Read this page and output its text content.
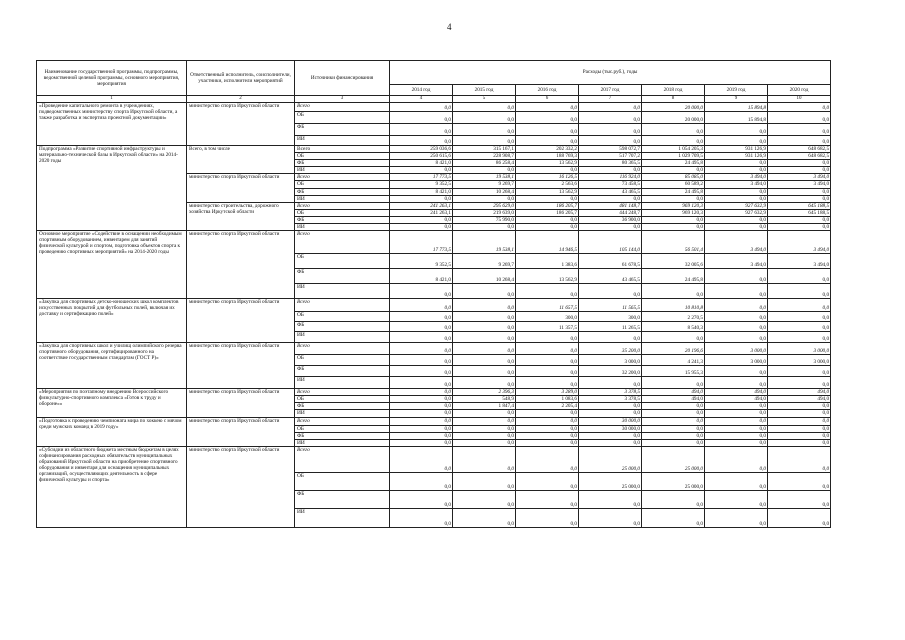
4
Наименование государственной программы, подпрограммы, ведомственной целевой программы, основного мероприятия, мероприятия	Ответственный исполнитель, соисполнители, участники, исполнители мероприятий	Источники финансирования	Расходы (тыс.руб.), годы						
			2014 год	2015 год	2016 год	2017 год	2018 год	2019 год	2020 год
1	2	3	4	5	6	7	8	9	10
«Проведение капитального ремонта в учреждениях, подведомственных министерству спорта Иркутской области, а также разработка и экспертиза проектной документации»	министерство спорта Иркутской области	Всего	0,0	0,0	0,0	0,0	20 000,0	15 894,8	0,0
		ОБ	0,0	0,0	0,0	0,0	20 000,0	15 894,8	0,0
		ФБ	0,0	0,0	0,0	0,0	0,0	0,0	0,0
		ИИ	0,0	0,0	0,0	0,0	0,0	0,0	0,0
Подпрограмма «Развитие спортивной инфраструктуры и материально-технической базы в Иркутской области» на 2014-2020 годы	Всего, в том числе	Всего	259 036,6	315 167,1	202 332,2	598 072,7	1 054 205,3	931 126,9	648 682,5
		ОБ	250 615,6	228 908,7	188 769,3	517 707,2	1 029 709,5	931 126,9	648 682,5
		ФБ	8 421,0	86 258,4	13 562,9	80 365,5	24 495,8	0,0	0,0
		ИИ	0,0	0,0	0,0	0,0	0,0	0,0	0,0
	министерство спорта Иркутской области	Всего	17 773,5	19 538,1	16 126,5	116 924,0	85 085,0	3 494,0	3 494,0
		ОБ	9 352,5	9 269,7	2 563,6	73 458,5	60 589,2	3 494,0	3 494,0
		ФБ	8 421,0	10 268,4	13 562,9	43 465,5	24 495,8	0,0	0,0
		ИИ	0,0	0,0	0,0	0,0	0,0	0,0	0,0
	министерство строительства, дорожного хозяйства Иркутской области	Всего	241 263,1	295 629,0	186 205,7	481 148,7	969 120,3	927 632,9	645 188,5
		ОБ	241 263,1	219 639,0	186 205,7	444 248,7	969 120,3	927 632,9	645 188,5
		ФБ	0,0	75 990,0	0,0	36 900,0	0,0	0,0	0,0
		ИИ	0,0	0,0	0,0	0,0	0,0	0,0	0,0
Основное мероприятие «Содействие в оснащении необходимым спортивным оборудованием, инвентарем для занятий физической культурой и спортом, подготовка объектов спорта к проведению спортивных мероприятий» на 2014-2020 годы	министерство спорта Иркутской области	Всего	17 773,5	19 538,1	14 946,5	105 144,0	56 501,4	3 494,0	3 494,0
		ОБ	9 352,5	9 269,7	1 383,6	61 678,5	32 005,6	3 494,0	3 494,0
		ФБ	8 421,0	10 268,4	13 562,9	43 465,5	24 495,8	0,0	0,0
		ИИ	0,0	0,0	0,0	0,0	0,0	0,0	0,0
«Закупка для спортивных детско-юношеских школ комплектов искусственных покрытий для футбольных полей, включая их доставку и сертификацию полей»	министерство спорта Иркутской области	Всего	0,0	0,0	11 657,5	11 565,5	10 810,8	0,0	0,0
		ОБ	0,0	0,0	300,0	300,0	2 270,5	0,0	0,0
		ФБ	0,0	0,0	11 357,5	11 265,5	8 540,3	0,0	0,0
		ИИ	0,0	0,0	0,0	0,0	0,0	0,0	0,0
«Закупка для спортивных школ и училищ олимпийского резерва спортивного оборудования, сертифицированного на соответствие государственным стандартам (ГОСТ Р)»	министерство спорта Иркутской области	Всего	0,0	0,0	0,0	35 200,0	20 196,6	3 000,0	3 000,0
		ОБ	0,0	0,0	0,0	3 000,0	4 241,3	3 000,0	3 000,0
		ФБ	0,0	0,0	0,0	32 200,0	15 955,3	0,0	0,0
		ИИ	0,0	0,0	0,0	0,0	0,0	0,0	0,0
«Мероприятия по поэтапному внедрению Всероссийского физкультурно-спортивного комплекса «Готов к труду и обороне»»	министерство спорта Иркутской области	Всего	0,0	2 396,3	3 289,0	3 378,5	494,0	494,0	494,0
		ОБ	0,0	548,9	1 083,6	3 378,5	494,0	494,0	494,0
		ФБ	0,0	1 847,4	2 205,4	0,0	0,0	0,0	0,0
		ИИ	0,0	0,0	0,0	0,0	0,0	0,0	0,0
«Подготовка к проведению чемпионата мира по хоккею с мячом среди мужских команд в 2019 году»	министерство спорта Иркутской области	Всего	0,0	0,0	0,0	30 000,0	0,0	0,0	0,0
		ОБ	0,0	0,0	0,0	30 000,0	0,0	0,0	0,0
		ФБ	0,0	0,0	0,0	0,0	0,0	0,0	0,0
		ИИ	0,0	0,0	0,0	0,0	0,0	0,0	0,0
«Субсидии из областного бюджета местным бюджетам в целях софинансирования расходных обязательств муниципальных образований Иркутской области на приобретение спортивного оборудования и инвентаря для оснащения муниципальных организаций, осуществляющих деятельность в сфере физической культуры и спорта»	министерство спорта Иркутской области	Всего	0,0	0,0	0,0	25 000,0	25 000,0	0,0	0,0
		ОБ	0,0	0,0	0,0	25 000,0	25 000,0	0,0	0,0
		ФБ	0,0	0,0	0,0	0,0	0,0	0,0	0,0
		ИИ	0,0	0,0	0,0	0,0	0,0	0,0	0,0
